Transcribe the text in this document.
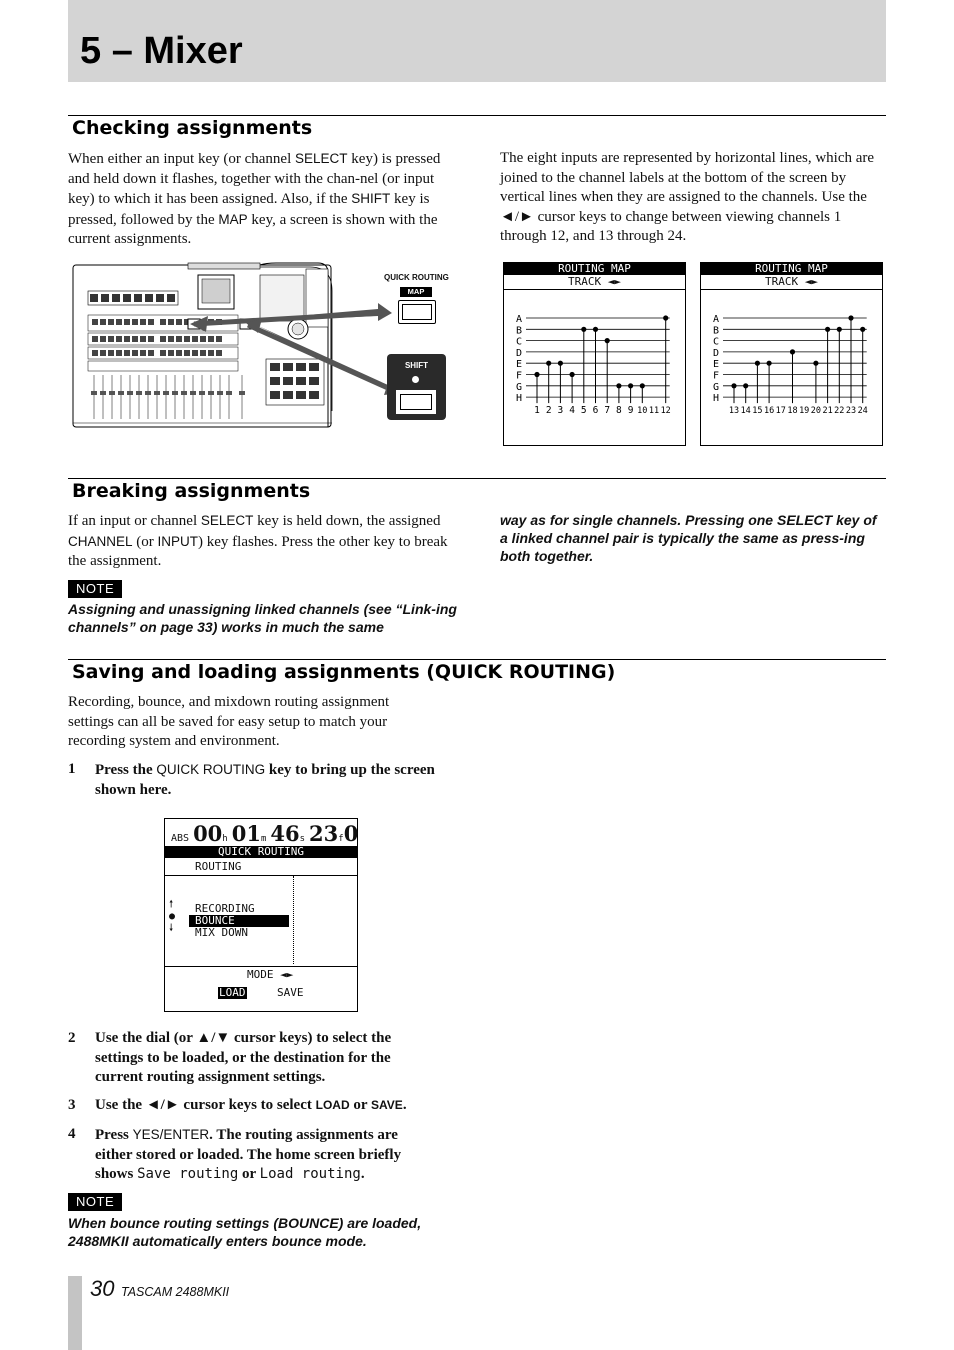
5 – Mixer
Checking assignments
When either an input key (or channel SELECT key) is pressed and held down it flashes, together with the chan-nel (or input key) to which it has been assigned. Also, if the SHIFT key is pressed, followed by the MAP key, a screen is shown with the current assignments.
The eight inputs are represented by horizontal lines, which are joined to the channel labels at the bottom of the screen by vertical lines when they are assigned to the channels. Use the ◄/► cursor keys to change between viewing channels 1 through 12, and 13 through 24.
QUICK ROUTING
MAP
SHIFT
ROUTING MAP
TRACK ◄►
A
B
C
D
E
F
G
H
1 2 3 4 5 6 7 8 9 10 11 12
ROUTING MAP
TRACK ◄►
A
B
C
D
E
F
G
H
13 14 15 16 17 18 19 20 21 22 23 24
Breaking assignments
If an input or channel SELECT key is held down, the assigned CHANNEL (or INPUT) key flashes. Press the other key to break the assignment.
NOTE
Assigning and unassigning linked channels (see “Link-ing channels” on page 33) works in much the same
way as for single channels. Pressing one SELECT key of a linked channel pair is typically the same as press-ing both together.
Saving and loading assignments (QUICK ROUTING)
Recording, bounce, and mixdown routing assignment settings can all be saved for easy setup to match your recording system and environment.
1 Press the QUICK ROUTING key to bring up the screen shown here.
ABS 00h 01m 46s 23f0
QUICK ROUTING
ROUTING
🠕
●
🠗
RECORDING
BOUNCE
MIX DOWN
MODE ◄►
LOAD	SAVE
2 Use the dial (or ▲/▼ cursor keys) to select the settings to be loaded, or the destination for the current routing assignment settings.
3 Use the ◄/► cursor keys to select LOAD or SAVE.
4 Press YES/ENTER. The routing assignments are either stored or loaded. The home screen briefly shows Save routing or Load routing.
NOTE
When bounce routing settings (BOUNCE) are loaded, 2488MKII automatically enters bounce mode.
30 TASCAM 2488MKII
